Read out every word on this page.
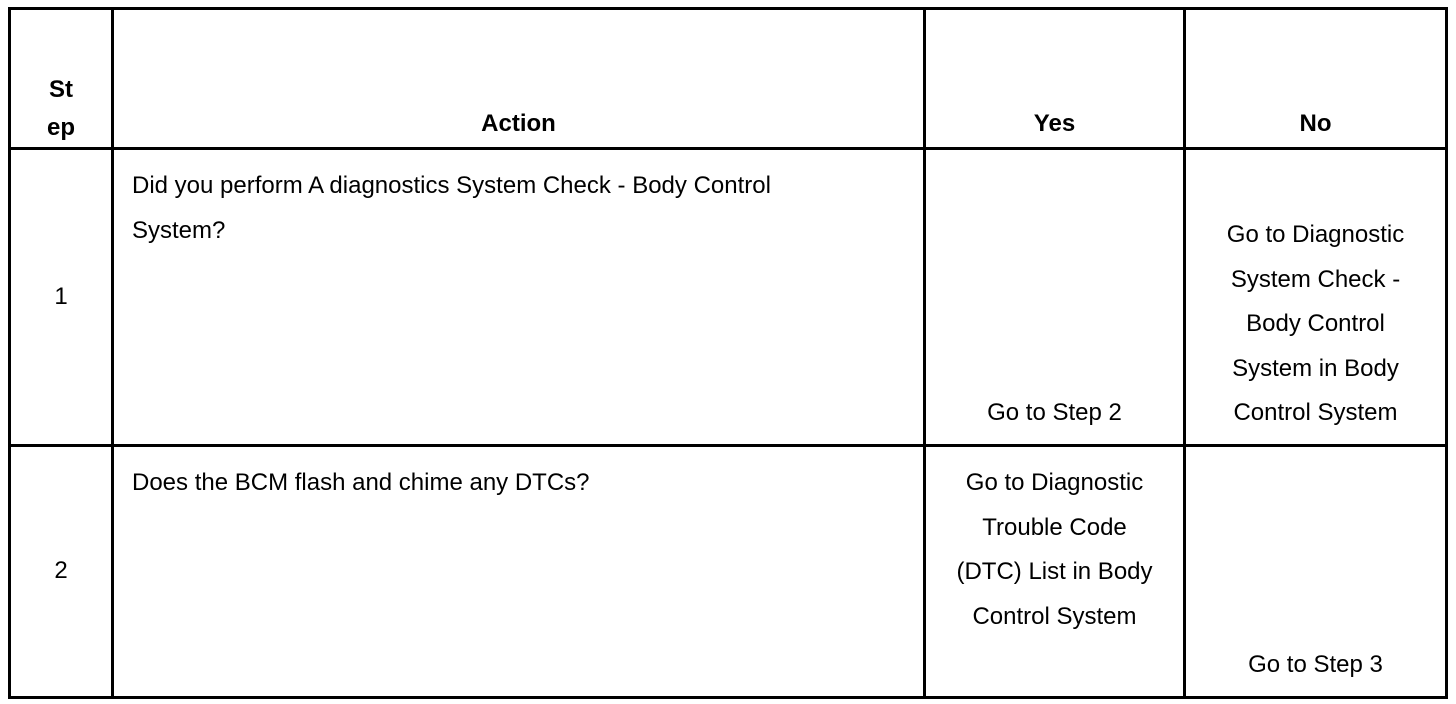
St ep	Action	Yes	No
1	Did you perform A diagnostics System Check - Body Control System?	Go to Step 2	Go to Diagnostic System Check - Body Control System in Body Control System
2	Does the BCM flash and chime any DTCs?	Go to Diagnostic Trouble Code (DTC) List in Body Control System	Go to Step 3
